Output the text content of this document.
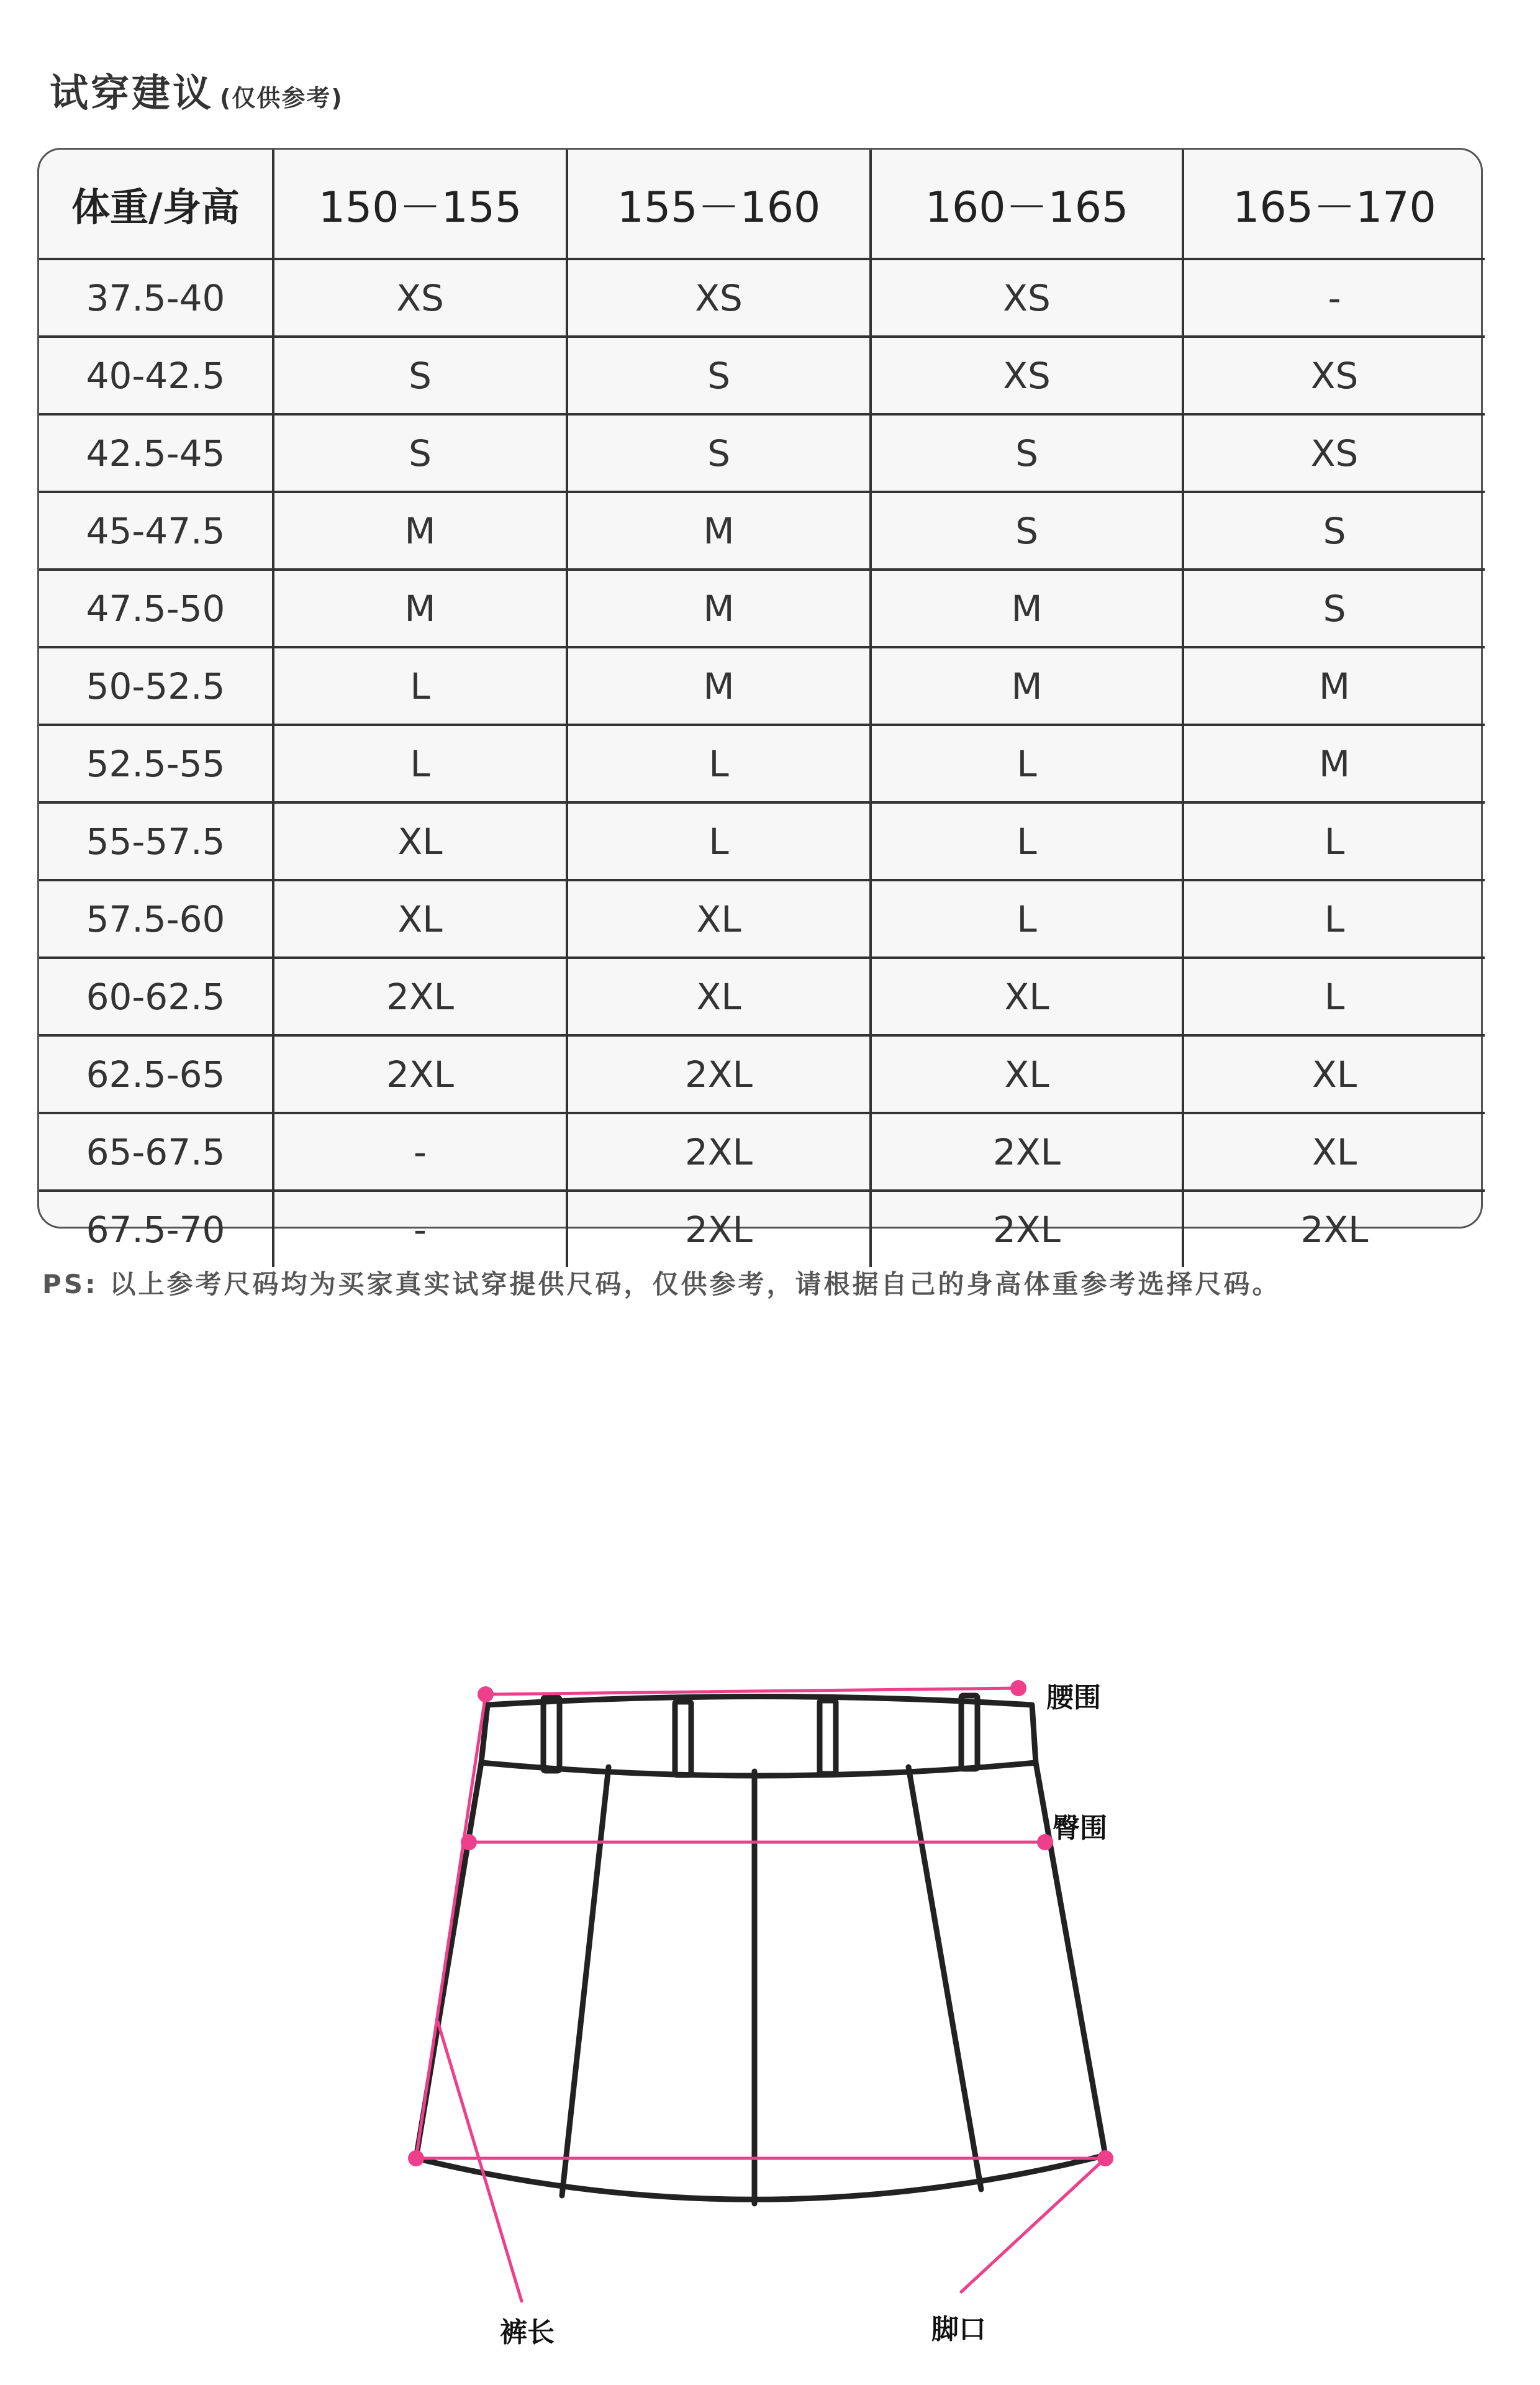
试穿建议 (仅供参考)
体重/身高	150－155	155－160	160－165	165－170
37.5-40	XS	XS	XS	-
40-42.5	S	S	XS	XS
42.5-45	S	S	S	XS
45-47.5	M	M	S	S
47.5-50	M	M	M	S
50-52.5	L	M	M	M
52.5-55	L	L	L	M
55-57.5	XL	L	L	L
57.5-60	XL	XL	L	L
60-62.5	2XL	XL	XL	L
62.5-65	2XL	2XL	XL	XL
65-67.5	-	2XL	2XL	XL
67.5-70	-	2XL	2XL	2XL
PS: 以上参考尺码均为买家真实试穿提供尺码，仅供参考，请根据自己的身高体重参考选择尺码。
腰围
臀围
裤长	脚口
